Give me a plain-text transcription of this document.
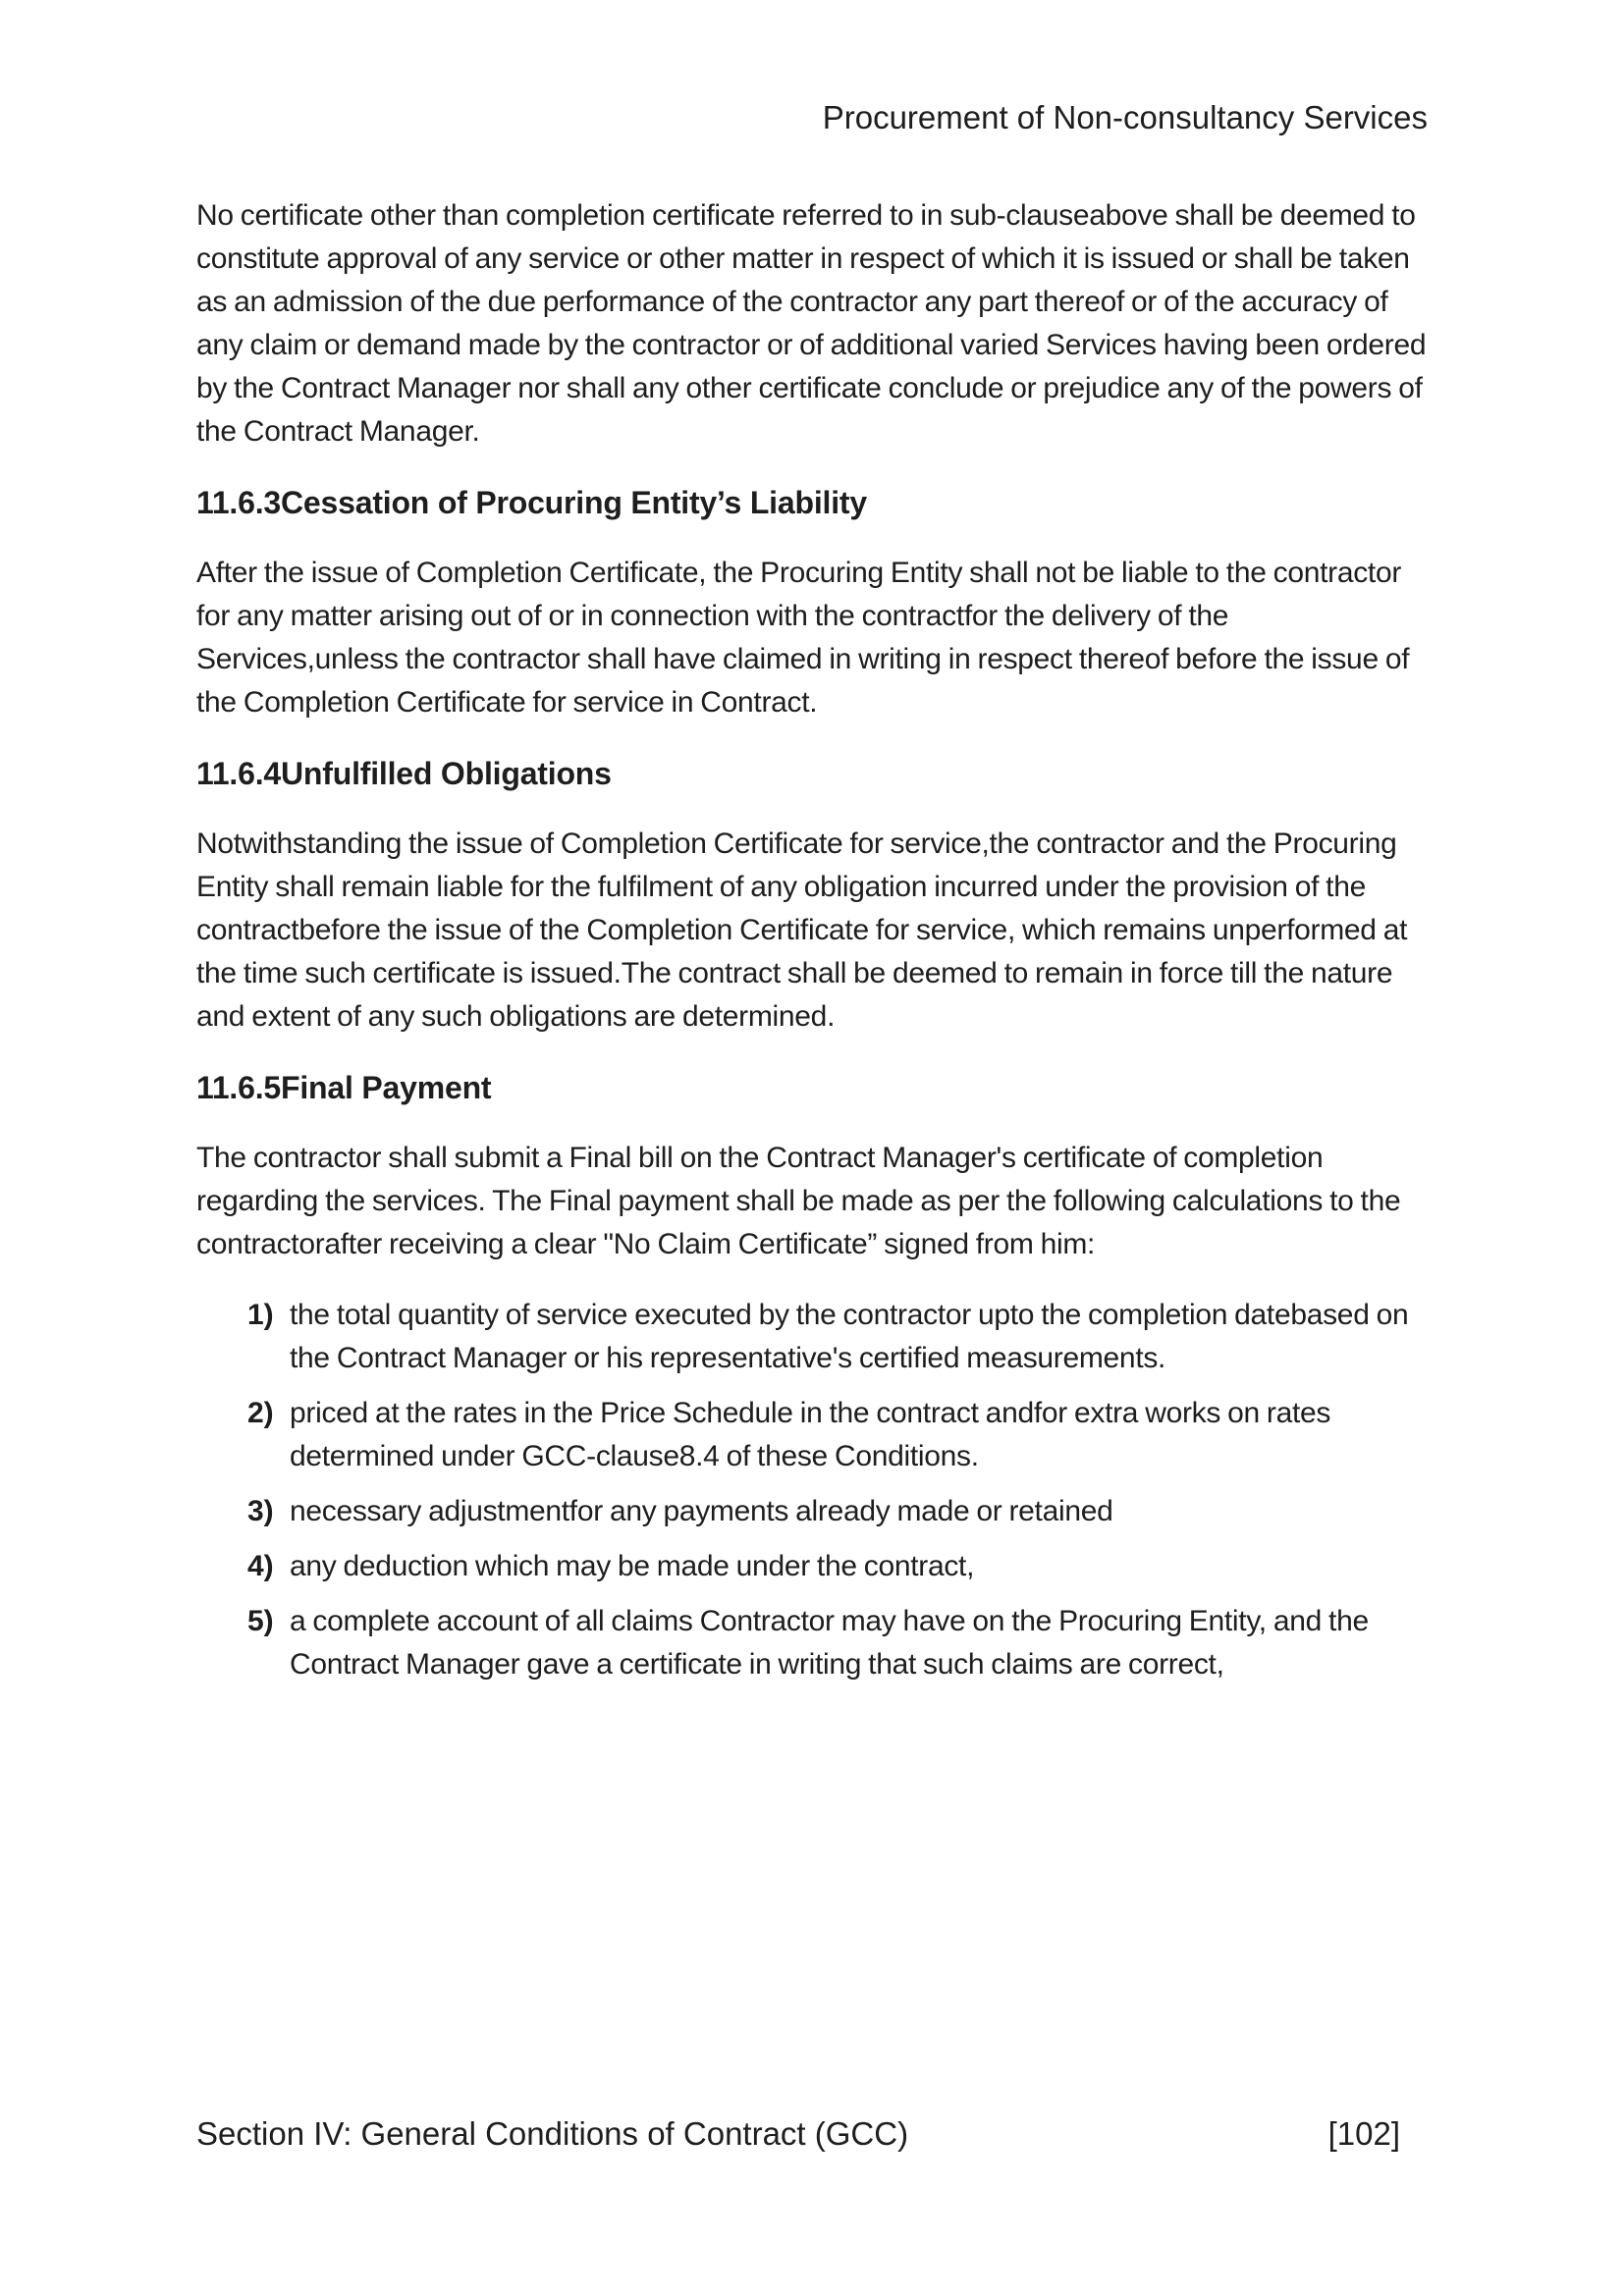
Procurement of Non-consultancy Services

No certificate other than completion certificate referred to in sub-clauseabove shall be deemed to constitute approval of any service or other matter in respect of which it is issued or shall be taken as an admission of the due performance of the contractor any part thereof or of the accuracy of any claim or demand made by the contractor or of additional varied Services having been ordered by the Contract Manager nor shall any other certificate conclude or prejudice any of the powers of the Contract Manager.

11.6.3 Cessation of Procuring Entity’s Liability

After the issue of Completion Certificate, the Procuring Entity shall not be liable to the contractor for any matter arising out of or in connection with the contractfor the delivery of the Services,unless the contractor shall have claimed in writing in respect thereof before the issue of the Completion Certificate for service in Contract.

11.6.4 Unfulfilled Obligations

Notwithstanding the issue of Completion Certificate for service,the contractor and the Procuring Entity shall remain liable for the fulfilment of any obligation incurred under the provision of the contractbefore the issue of the Completion Certificate for service, which remains unperformed at the time such certificate is issued.The contract shall be deemed to remain in force till the nature and extent of any such obligations are determined.

11.6.5 Final Payment

The contractor shall submit a Final bill on the Contract Manager's certificate of completion regarding the services. The Final payment shall be made as per the following calculations to the contractorafter receiving a clear "No Claim Certificate” signed from him:

1) the total quantity of service executed by the contractor upto the completion datebased on the Contract Manager or his representative's certified measurements.
2) priced at the rates in the Price Schedule in the contract andfor extra works on rates determined under GCC-clause8.4 of these Conditions.
3) necessary adjustmentfor any payments already made or retained
4) any deduction which may be made under the contract,
5) a complete account of all claims Contractor may have on the Procuring Entity, and the Contract Manager gave a certificate in writing that such claims are correct,
Section IV: General Conditions of Contract (GCC)	[102]
